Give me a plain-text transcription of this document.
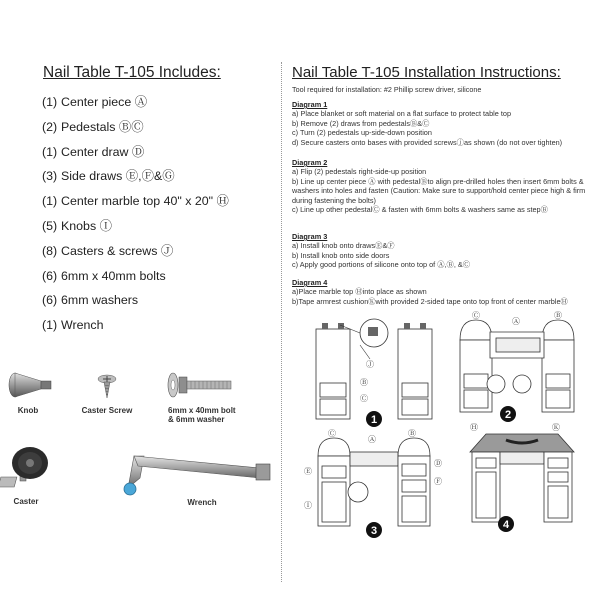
Nail Table T-105 Includes:
(1) Center piece Ⓐ
(2) Pedestals ⒷⒸ
(1) Center draw Ⓓ
(3) Side draws Ⓔ,Ⓕ&Ⓖ
(1) Center marble top 40" x 20" Ⓗ
(5) Knobs Ⓘ
(8) Casters & screws Ⓙ
(6) 6mm x 40mm bolts
(6) 6mm washers
(1) Wrench
Knob	Caster Screw	6mm x 40mm bolt
& 6mm washer
Caster	Wrench
Nail Table T-105 Installation Instructions:
Tool required for installation: #2 Phillip screw driver, silicone

Diagram 1

a) Place blanket or soft material on a flat surface to protect table top

b) Remove (2) draws from pedestalsⒷ&Ⓒ

c) Turn (2) pedestals up-side-down position

d) Secure casters onto bases with provided screwsⓙas shown (do not over tighten)

Diagram 2

a) Flip (2) pedestals right-side-up position

b) Line up center piece Ⓐ with pedestalⒷto align pre-drilled holes then insert 6mm bolts & washers into holes and fasten (Caution: Make sure to support/hold center piece high & firm during fastening the bolts)

c) Line up other pedestalⒸ & fasten with 6mm bolts & washers same as stepⒷ

Diagram 3

a) Install knob onto drawsⒺ&Ⓕ

b) Install knob onto side doors

c) Apply good portions of silicone onto top of Ⓐ,Ⓑ, &Ⓒ

Diagram 4

a)Place marble top Ⓗinto place as shown

b)Tape armrest cushionⓀwith provided 2-sided tape onto top front of center marbleⒽ

Ⓙ
Ⓑ
Ⓒ
1
Ⓒ
Ⓐ
Ⓑ
2
Ⓒ
Ⓐ
Ⓑ
Ⓔ
Ⓓ
Ⓕ
Ⓘ
3
Ⓗ	Ⓚ
4
